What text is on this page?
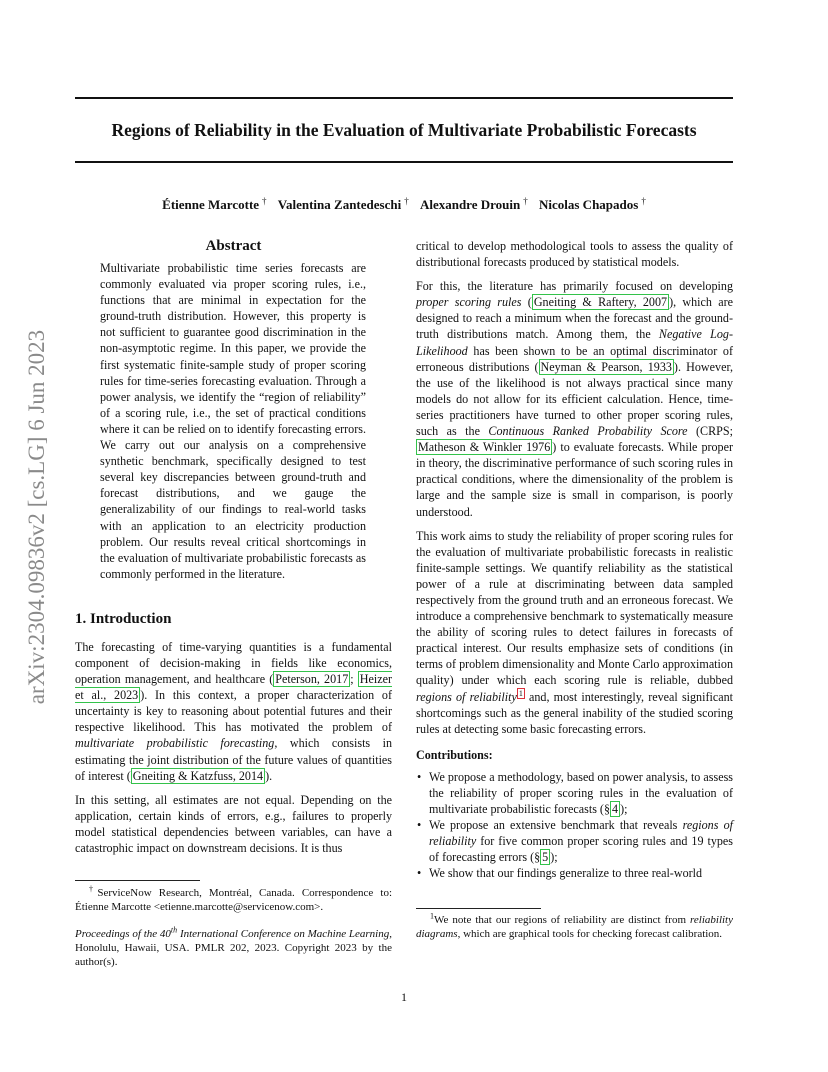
Regions of Reliability in the Evaluation of Multivariate Probabilistic Forecasts
Étienne Marcotte † Valentina Zantedeschi † Alexandre Drouin † Nicolas Chapados †
arXiv:2304.09836v2 [cs.LG] 6 Jun 2023
Abstract

Multivariate probabilistic time series forecasts are commonly evaluated via proper scoring rules, i.e., functions that are minimal in expectation for the ground-truth distribution. However, this property is not sufficient to guarantee good discrimination in the non-asymptotic regime. In this paper, we provide the first systematic finite-sample study of proper scoring rules for time-series forecasting evaluation. Through a power analysis, we identify the “region of reliability” of a scoring rule, i.e., the set of practical conditions where it can be relied on to identify forecasting errors. We carry out our analysis on a comprehensive synthetic benchmark, specifically designed to test several key discrepancies between ground-truth and forecast distributions, and we gauge the generalizability of our findings to real-world tasks with an application to an electricity production problem. Our results reveal critical shortcomings in the evaluation of multivariate probabilistic forecasts as commonly performed in the literature.

1. Introduction

The forecasting of time-varying quantities is a fundamental component of decision-making in fields like economics, operation management, and healthcare ( Peterson, 2017 ; Heizer et al., 2023 ). In this context, a proper characterization of uncertainty is key to reasoning about potential futures and their respective likelihood. This has motivated the problem of multivariate probabilistic forecasting, which consists in estimating the joint distribution of the future values of quantities of interest ( Gneiting & Katzfuss, 2014 ).

In this setting, all estimates are not equal. Depending on the application, certain kinds of errors, e.g., failures to properly model statistical dependencies between variables, can have a catastrophic impact on downstream decisions. It is thus

critical to develop methodological tools to assess the quality of distributional forecasts produced by statistical models.

For this, the literature has primarily focused on developing proper scoring rules ( Gneiting & Raftery, 2007 ), which are designed to reach a minimum when the forecast and the ground-truth distributions match. Among them, the Negative Log-Likelihood has been shown to be an optimal discriminator of erroneous distributions ( Neyman & Pearson, 1933 ). However, the use of the likelihood is not always practical since many models do not allow for its efficient calculation. Hence, time-series practitioners have turned to other proper scoring rules, such as the Continuous Ranked Probability Score (CRPS; Matheson & Winkler 1976 ) to evaluate forecasts. While proper in theory, the discriminative performance of such scoring rules in practical conditions, where the dimensionality of the problem is large and the sample size is small in comparison, is poorly understood.

This work aims to study the reliability of proper scoring rules for the evaluation of multivariate probabilistic forecasts in realistic finite-sample settings. We quantify reliability as the statistical power of a rule at discriminating between data sampled respectively from the ground truth and an erroneous forecast. We introduce a comprehensive benchmark to systematically measure the ability of scoring rules to detect failures in forecasts of practical interest. Our results emphasize sets of conditions (in terms of problem dimensionality and Monte Carlo approximation quality) under which each scoring rule is reliable, dubbed regions of reliability $^1$ and, most interestingly, reveal significant shortcomings such as the general inability of the studied scoring rules at detecting some basic forecasting errors.

Contributions:
• We propose a methodology, based on power analysis, to assess the reliability of proper scoring rules in the evaluation of multivariate probabilistic forecasts (§ 4 );
• We propose an extensive benchmark that reveals regions of reliability for five common proper scoring rules and 19 types of forecasting errors (§ 5 );
• We show that our findings generalize to three real-world

†ServiceNow Research, Montréal, Canada. Correspondence to: Étienne Marcotte <etienne.marcotte@servicenow.com>.

Proceedings of the 40th International Conference on Machine Learning, Honolulu, Hawaii, USA. PMLR 202, 2023. Copyright 2023 by the author(s).

$^1$We note that our regions of reliability are distinct from reliability diagrams, which are graphical tools for checking forecast calibration.

1
